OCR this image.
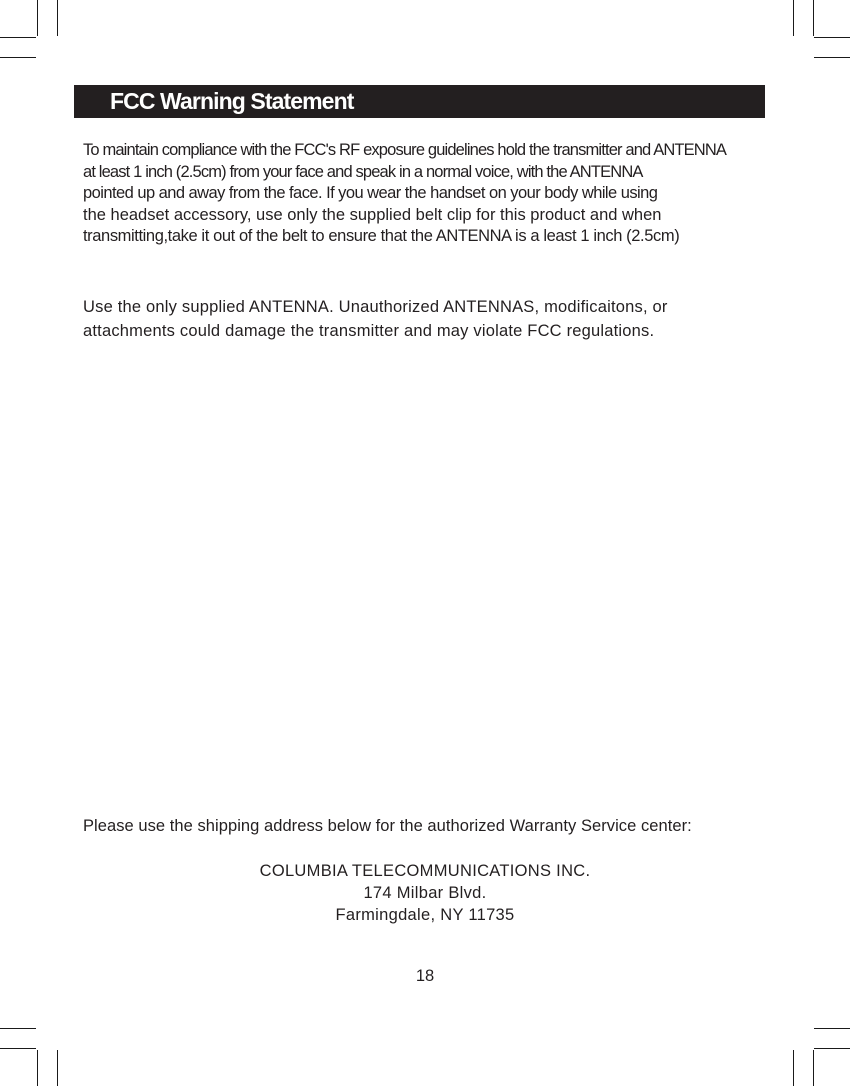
FCC Warning Statement
To maintain compliance with the FCC's RF exposure guidelines hold the transmitter and ANTENNA
at least 1 inch (2.5cm) from your face and speak in a normal voice, with the ANTENNA
pointed up and away from the face. If you wear the handset on your body while using
the headset accessory, use only the supplied belt clip for this product and when
transmitting,take it out of the belt to ensure that the ANTENNA is a least 1 inch (2.5cm)
Use the only supplied ANTENNA. Unauthorized ANTENNAS, modificaitons, or
attachments could damage the transmitter and may violate FCC regulations.
Please use the shipping address below for the authorized Warranty Service center:
COLUMBIA TELECOMMUNICATIONS INC.
174 Milbar Blvd.
Farmingdale, NY 11735
18
